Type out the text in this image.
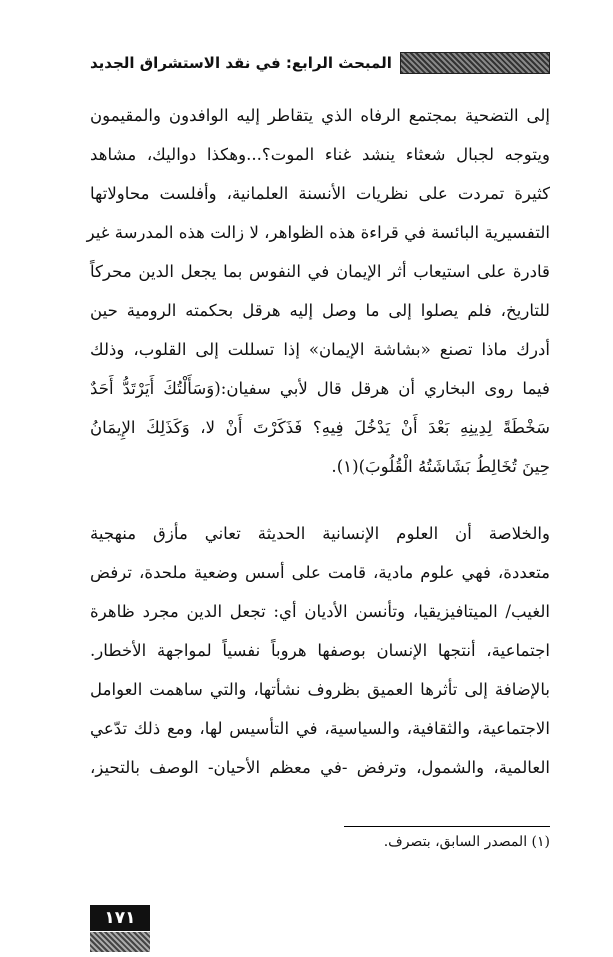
المبحث الرابع: في نقد الاستشراق الجديد
إلى التضحية بمجتمع الرفاه الذي يتقاطر إليه الوافدون والمقيمون
ويتوجه لجبال شعثاء ينشد غناء الموت؟...وهكذا دواليك، مشاهد
كثيرة تمردت على نظريات الأنسنة العلمانية، وأفلست محاولاتها
التفسيرية البائسة في قراءة هذه الظواهر، لا زالت هذه المدرسة غير
قادرة على استيعاب أثر الإيمان في النفوس بما يجعل الدين محركاً
للتاريخ، فلم يصلوا إلى ما وصل إليه هرقل بحكمته الرومية حين
أدرك ماذا تصنع «بشاشة الإيمان» إذا تسللت إلى القلوب، وذلك
فيما روى البخاري أن هرقل قال لأبي سفيان:(وَسَأَلْتُكَ أَيَرْتَدُّ أَحَدٌ
سَخْطَةً لِدِينِهِ بَعْدَ أَنْ يَدْخُلَ فِيهِ؟ فَذَكَرْتَ أَنْ لا، وَكَذَلِكَ الإِيمَانُ
حِينَ تُخَالِطُ بَشَاشَتُهُ الْقُلُوبَ)(١).
والخلاصة أن العلوم الإنسانية الحديثة تعاني مأزق منهجية
متعددة، فهي علوم مادية، قامت على أسس وضعية ملحدة، ترفض
الغيب/ الميتافيزيقيا، وتأنسن الأديان أي: تجعل الدين مجرد ظاهرة
اجتماعية، أنتجها الإنسان بوصفها هروباً نفسياً لمواجهة الأخطار.
بالإضافة إلى تأثرها العميق بظروف نشأتها، والتي ساهمت العوامل
الاجتماعية، والثقافية، والسياسية، في التأسيس لها، ومع ذلك تدّعي
العالمية، والشمول، وترفض -في معظم الأحيان- الوصف بالتحيز،
(١) المصدر السابق، بتصرف.
١٧١
